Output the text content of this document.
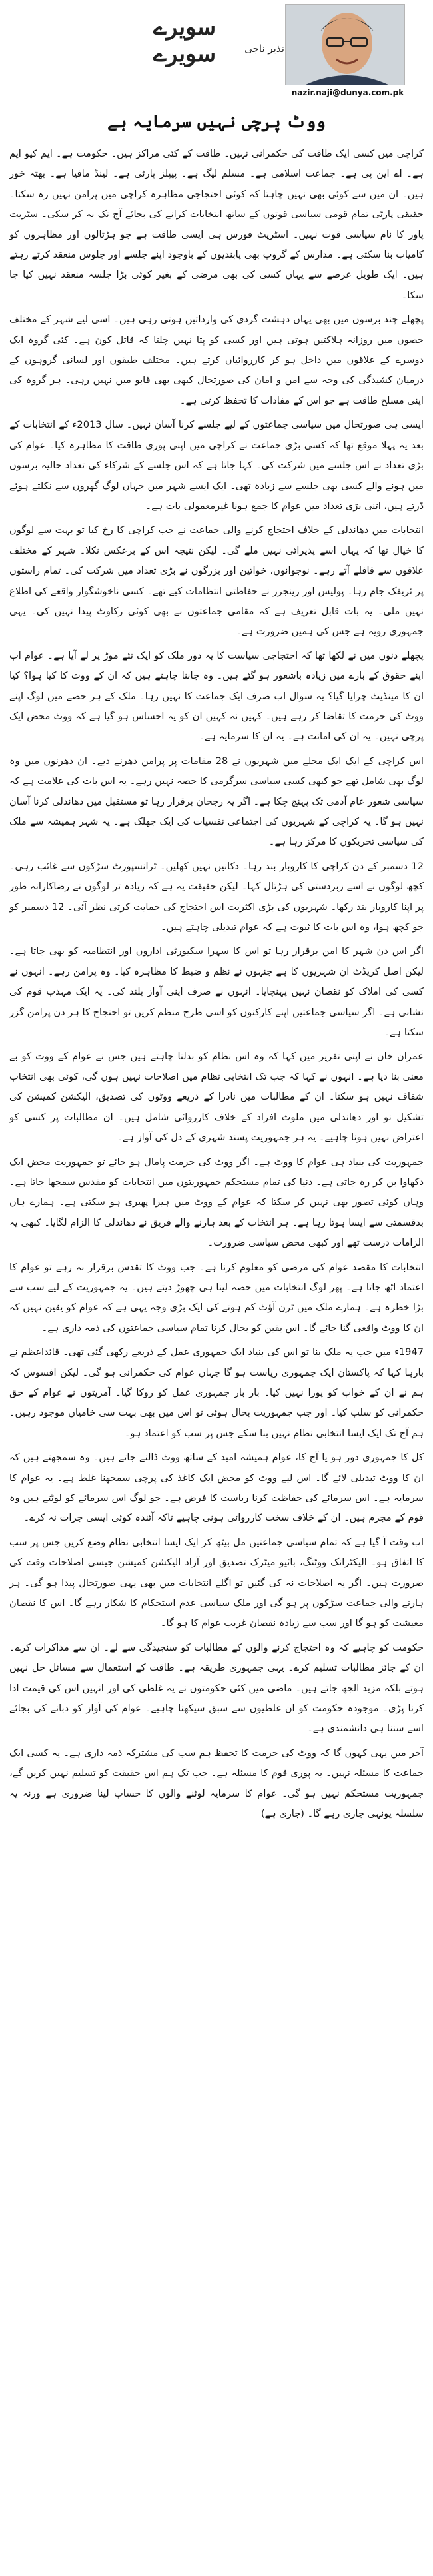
سویرے
سویرے	نذیر ناجی
nazir.naji@dunya.com.pk
ووٹ پرچی نہیں سرمایہ ہے

کراچی میں کسی ایک طاقت کی حکمرانی نہیں۔ طاقت کے کئی مراکز ہیں۔ حکومت ہے۔ ایم کیو ایم ہے۔ اے این پی ہے۔ جماعت اسلامی ہے۔ مسلم لیگ ہے۔ پیپلز پارٹی ہے۔ لینڈ مافیا ہے۔ بھتہ خور ہیں۔ ان میں سے کوئی بھی نہیں چاہتا کہ کوئی احتجاجی مظاہرہ کراچی میں پرامن نہیں رہ سکتا۔ حقیقی پارٹی تمام قومی سیاسی قوتوں کے ساتھ انتخابات کرانے کی بجائے آج تک نہ کر سکی۔ سٹریٹ پاور کا نام سیاسی قوت نہیں۔ اسٹریٹ فورس ہی ایسی طاقت ہے جو ہڑتالوں اور مظاہروں کو کامیاب بنا سکتی ہے۔ مدارس کے گروپ بھی پابندیوں کے باوجود اپنے جلسے اور جلوس منعقد کرتے رہتے ہیں۔ ایک طویل عرصے سے یہاں کسی کی بھی مرضی کے بغیر کوئی بڑا جلسہ منعقد نہیں کیا جا سکا۔

پچھلے چند برسوں میں بھی یہاں دہشت گردی کی وارداتیں ہوتی رہی ہیں۔ اسی لیے شہر کے مختلف حصوں میں روزانہ ہلاکتیں ہوتی ہیں اور کسی کو پتا نہیں چلتا کہ قاتل کون ہے۔ کئی گروہ ایک دوسرے کے علاقوں میں داخل ہو کر کارروائیاں کرتے ہیں۔ مختلف طبقوں اور لسانی گروہوں کے درمیان کشیدگی کی وجہ سے امن و امان کی صورتحال کبھی بھی قابو میں نہیں رہی۔ ہر گروہ کی اپنی مسلح طاقت ہے جو اس کے مفادات کا تحفظ کرتی ہے۔

ایسی ہی صورتحال میں سیاسی جماعتوں کے لیے جلسے کرنا آسان نہیں۔ سال 2013ء کے انتخابات کے بعد یہ پہلا موقع تھا کہ کسی بڑی جماعت نے کراچی میں اپنی پوری طاقت کا مظاہرہ کیا۔ عوام کی بڑی تعداد نے اس جلسے میں شرکت کی۔ کہا جاتا ہے کہ اس جلسے کے شرکاء کی تعداد حالیہ برسوں میں ہونے والے کسی بھی جلسے سے زیادہ تھی۔ ایک ایسے شہر میں جہاں لوگ گھروں سے نکلتے ہوئے ڈرتے ہیں، اتنی بڑی تعداد میں عوام کا جمع ہونا غیرمعمولی بات ہے۔

انتخابات میں دھاندلی کے خلاف احتجاج کرنے والی جماعت نے جب کراچی کا رخ کیا تو بہت سے لوگوں کا خیال تھا کہ یہاں اسے پذیرائی نہیں ملے گی۔ لیکن نتیجہ اس کے برعکس نکلا۔ شہر کے مختلف علاقوں سے قافلے آتے رہے۔ نوجوانوں، خواتین اور بزرگوں نے بڑی تعداد میں شرکت کی۔ تمام راستوں پر ٹریفک جام رہا۔ پولیس اور رینجرز نے حفاظتی انتظامات کیے تھے۔ کسی ناخوشگوار واقعے کی اطلاع نہیں ملی۔ یہ بات قابل تعریف ہے کہ مقامی جماعتوں نے بھی کوئی رکاوٹ پیدا نہیں کی۔ یہی جمہوری رویہ ہے جس کی ہمیں ضرورت ہے۔

پچھلے دنوں میں نے لکھا تھا کہ احتجاجی سیاست کا یہ دور ملک کو ایک نئے موڑ پر لے آیا ہے۔ عوام اب اپنے حقوق کے بارے میں زیادہ باشعور ہو گئے ہیں۔ وہ جاننا چاہتے ہیں کہ ان کے ووٹ کا کیا ہوا؟ کیا ان کا مینڈیٹ چرایا گیا؟ یہ سوال اب صرف ایک جماعت کا نہیں رہا۔ ملک کے ہر حصے میں لوگ اپنے ووٹ کی حرمت کا تقاضا کر رہے ہیں۔ کہیں نہ کہیں ان کو یہ احساس ہو گیا ہے کہ ووٹ محض ایک پرچی نہیں۔ یہ ان کی امانت ہے۔ یہ ان کا سرمایہ ہے۔

اس کراچی کے ایک ایک محلے میں شہریوں نے 28 مقامات پر پرامن دھرنے دیے۔ ان دھرنوں میں وہ لوگ بھی شامل تھے جو کبھی کسی سیاسی سرگرمی کا حصہ نہیں رہے۔ یہ اس بات کی علامت ہے کہ سیاسی شعور عام آدمی تک پہنچ چکا ہے۔ اگر یہ رجحان برقرار رہا تو مستقبل میں دھاندلی کرنا آسان نہیں ہو گا۔ یہ کراچی کے شہریوں کی اجتماعی نفسیات کی ایک جھلک ہے۔ یہ شہر ہمیشہ سے ملک کی سیاسی تحریکوں کا مرکز رہا ہے۔

12 دسمبر کے دن کراچی کا کاروبار بند رہا۔ دکانیں نہیں کھلیں۔ ٹرانسپورٹ سڑکوں سے غائب رہی۔ کچھ لوگوں نے اسے زبردستی کی ہڑتال کہا۔ لیکن حقیقت یہ ہے کہ زیادہ تر لوگوں نے رضاکارانہ طور پر اپنا کاروبار بند رکھا۔ شہریوں کی بڑی اکثریت اس احتجاج کی حمایت کرتی نظر آئی۔ 12 دسمبر کو جو کچھ ہوا، وہ اس بات کا ثبوت ہے کہ عوام تبدیلی چاہتے ہیں۔

اگر اس دن شہر کا امن برقرار رہا تو اس کا سہرا سکیورٹی اداروں اور انتظامیہ کو بھی جاتا ہے۔ لیکن اصل کریڈٹ ان شہریوں کا ہے جنہوں نے نظم و ضبط کا مظاہرہ کیا۔ وہ پرامن رہے۔ انہوں نے کسی کی املاک کو نقصان نہیں پہنچایا۔ انہوں نے صرف اپنی آواز بلند کی۔ یہ ایک مہذب قوم کی نشانی ہے۔ اگر سیاسی جماعتیں اپنے کارکنوں کو اسی طرح منظم کریں تو احتجاج کا ہر دن پرامن گزر سکتا ہے۔

عمران خان نے اپنی تقریر میں کہا کہ وہ اس نظام کو بدلنا چاہتے ہیں جس نے عوام کے ووٹ کو بے معنی بنا دیا ہے۔ انہوں نے کہا کہ جب تک انتخابی نظام میں اصلاحات نہیں ہوں گی، کوئی بھی انتخاب شفاف نہیں ہو سکتا۔ ان کے مطالبات میں نادرا کے ذریعے ووٹوں کی تصدیق، الیکشن کمیشن کی تشکیل نو اور دھاندلی میں ملوث افراد کے خلاف کارروائی شامل ہیں۔ ان مطالبات پر کسی کو اعتراض نہیں ہونا چاہیے۔ یہ ہر جمہوریت پسند شہری کے دل کی آواز ہے۔

جمہوریت کی بنیاد ہی عوام کا ووٹ ہے۔ اگر ووٹ کی حرمت پامال ہو جائے تو جمہوریت محض ایک دکھاوا بن کر رہ جاتی ہے۔ دنیا کی تمام مستحکم جمہوریتوں میں انتخابات کو مقدس سمجھا جاتا ہے۔ وہاں کوئی تصور بھی نہیں کر سکتا کہ عوام کے ووٹ میں ہیرا پھیری ہو سکتی ہے۔ ہمارے ہاں بدقسمتی سے ایسا ہوتا رہا ہے۔ ہر انتخاب کے بعد ہارنے والے فریق نے دھاندلی کا الزام لگایا۔ کبھی یہ الزامات درست تھے اور کبھی محض سیاسی ضرورت۔

انتخابات کا مقصد عوام کی مرضی کو معلوم کرنا ہے۔ جب ووٹ کا تقدس برقرار نہ رہے تو عوام کا اعتماد اٹھ جاتا ہے۔ پھر لوگ انتخابات میں حصہ لینا ہی چھوڑ دیتے ہیں۔ یہ جمہوریت کے لیے سب سے بڑا خطرہ ہے۔ ہمارے ملک میں ٹرن آؤٹ کم ہونے کی ایک بڑی وجہ یہی ہے کہ عوام کو یقین نہیں کہ ان کا ووٹ واقعی گنا جائے گا۔ اس یقین کو بحال کرنا تمام سیاسی جماعتوں کی ذمہ داری ہے۔

1947ء میں جب یہ ملک بنا تو اس کی بنیاد ایک جمہوری عمل کے ذریعے رکھی گئی تھی۔ قائداعظم نے بارہا کہا کہ پاکستان ایک جمہوری ریاست ہو گا جہاں عوام کی حکمرانی ہو گی۔ لیکن افسوس کہ ہم نے ان کے خواب کو پورا نہیں کیا۔ بار بار جمہوری عمل کو روکا گیا۔ آمریتوں نے عوام کے حق حکمرانی کو سلب کیا۔ اور جب جمہوریت بحال ہوئی تو اس میں بھی بہت سی خامیاں موجود رہیں۔ ہم آج تک ایک ایسا انتخابی نظام نہیں بنا سکے جس پر سب کو اعتماد ہو۔

کل کا جمہوری دور ہو یا آج کا، عوام ہمیشہ امید کے ساتھ ووٹ ڈالنے جاتے ہیں۔ وہ سمجھتے ہیں کہ ان کا ووٹ تبدیلی لائے گا۔ اس لیے ووٹ کو محض ایک کاغذ کی پرچی سمجھنا غلط ہے۔ یہ عوام کا سرمایہ ہے۔ اس سرمائے کی حفاظت کرنا ریاست کا فرض ہے۔ جو لوگ اس سرمائے کو لوٹتے ہیں وہ قوم کے مجرم ہیں۔ ان کے خلاف سخت کارروائی ہونی چاہیے تاکہ آئندہ کوئی ایسی جرات نہ کرے۔

اب وقت آ گیا ہے کہ تمام سیاسی جماعتیں مل بیٹھ کر ایک ایسا انتخابی نظام وضع کریں جس پر سب کا اتفاق ہو۔ الیکٹرانک ووٹنگ، بائیو میٹرک تصدیق اور آزاد الیکشن کمیشن جیسی اصلاحات وقت کی ضرورت ہیں۔ اگر یہ اصلاحات نہ کی گئیں تو اگلے انتخابات میں بھی یہی صورتحال پیدا ہو گی۔ ہر ہارنے والی جماعت سڑکوں پر ہو گی اور ملک سیاسی عدم استحکام کا شکار رہے گا۔ اس کا نقصان معیشت کو ہو گا اور سب سے زیادہ نقصان غریب عوام کا ہو گا۔

حکومت کو چاہیے کہ وہ احتجاج کرنے والوں کے مطالبات کو سنجیدگی سے لے۔ ان سے مذاکرات کرے۔ ان کے جائز مطالبات تسلیم کرے۔ یہی جمہوری طریقہ ہے۔ طاقت کے استعمال سے مسائل حل نہیں ہوتے بلکہ مزید الجھ جاتے ہیں۔ ماضی میں کئی حکومتوں نے یہ غلطی کی اور انہیں اس کی قیمت ادا کرنا پڑی۔ موجودہ حکومت کو ان غلطیوں سے سبق سیکھنا چاہیے۔ عوام کی آواز کو دبانے کی بجائے اسے سننا ہی دانشمندی ہے۔

آخر میں یہی کہوں گا کہ ووٹ کی حرمت کا تحفظ ہم سب کی مشترکہ ذمہ داری ہے۔ یہ کسی ایک جماعت کا مسئلہ نہیں۔ یہ پوری قوم کا مسئلہ ہے۔ جب تک ہم اس حقیقت کو تسلیم نہیں کریں گے، جمہوریت مستحکم نہیں ہو گی۔ عوام کا سرمایہ لوٹنے والوں کا حساب لینا ضروری ہے ورنہ یہ سلسلہ یونہی جاری رہے گا۔ (جاری ہے)
